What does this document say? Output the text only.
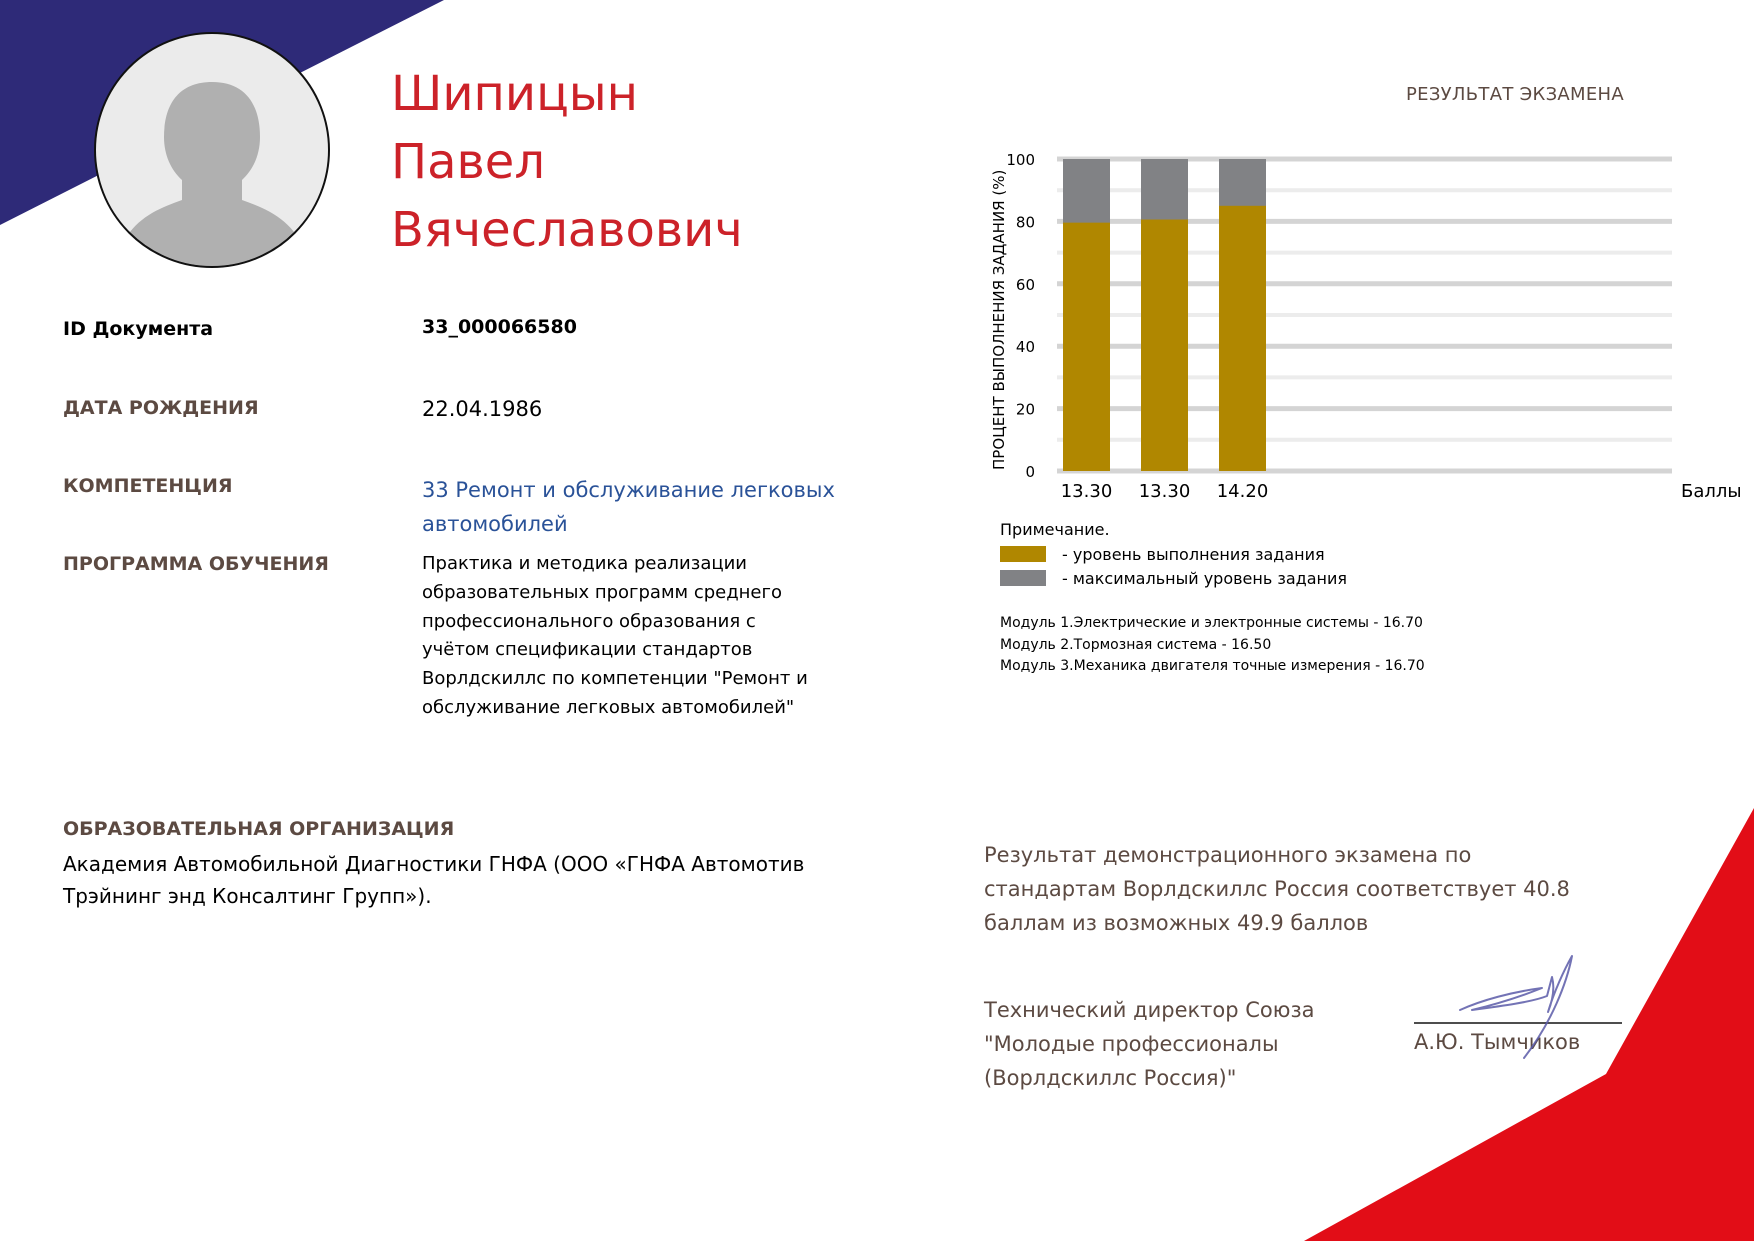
Шипицын
Павел
Вячеславович
ID Документа	33_000066580
ДАТА РОЖДЕНИЯ	22.04.1986
КОМПЕТЕНЦИЯ	33 Ремонт и обслуживание легковых автомобилей
ПРОГРАММА ОБУЧЕНИЯ	Практика и методика реализации образовательных программ среднего профессионального образования с учётом спецификации стандартов Ворлдскиллс по компетенции "Ремонт и обслуживание легковых автомобилей"
ОБРАЗОВАТЕЛЬНАЯ ОРГАНИЗАЦИЯ
Академия Автомобильной Диагностики ГНФА (ООО «ГНФА Автомотив Трэйнинг энд Консалтинг Групп»).
РЕЗУЛЬТАТ ЭКЗАМЕНА
0
20
40
60
80
100
13.30 13.30 14.20
ПРОЦЕНТ ВЫПОЛНЕНИЯ ЗАДАНИЯ (%)
Баллы
Примечание.
- уровень выполнения задания
- максимальный уровень задания
Модуль 1.Электрические и электронные системы - 16.70
Модуль 2.Тормозная система - 16.50
Модуль 3.Механика двигателя точные измерения - 16.70
Результат демонстрационного экзамена по стандартам Ворлдскиллс Россия соответствует 40.8 баллам из возможных 49.9 баллов
Технический директор Союза "Молодые профессионалы (Ворлдскиллс Россия)"
А.Ю. Тымчиков
